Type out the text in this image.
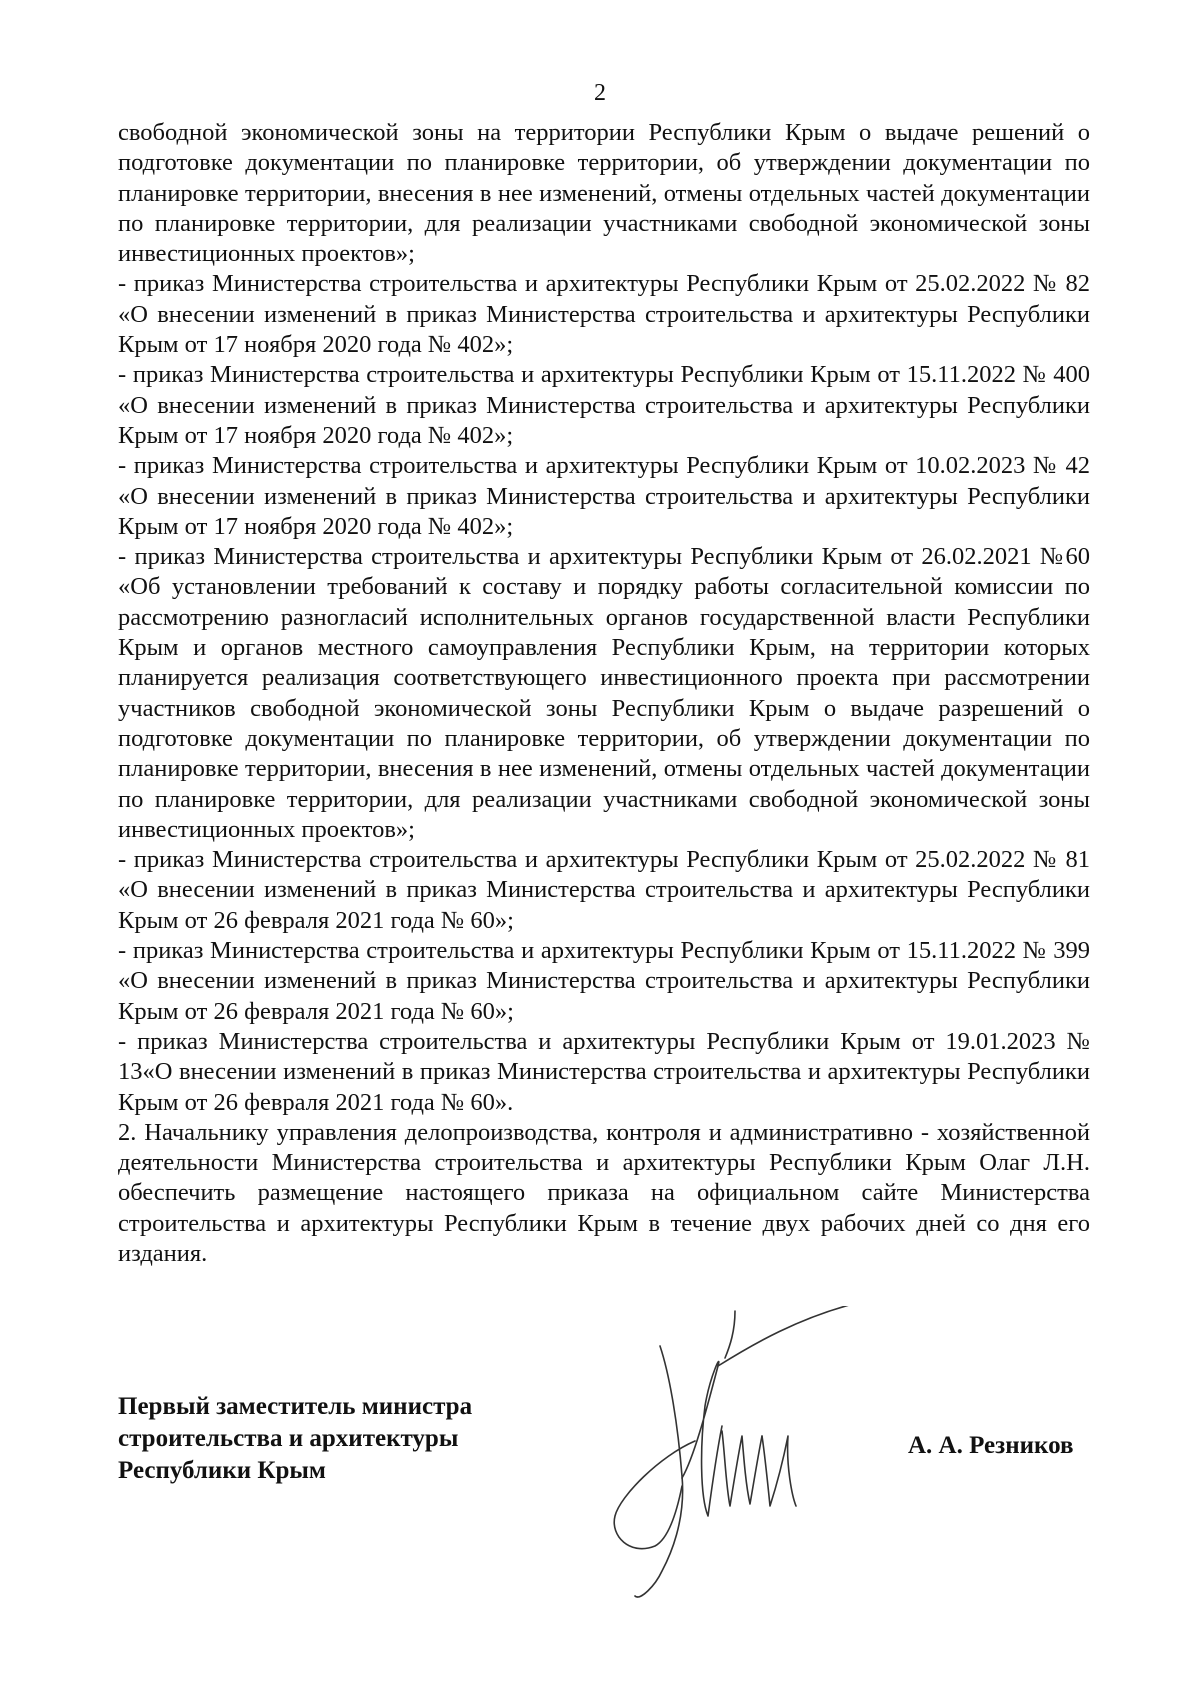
2

свободной экономической зоны на территории Республики Крым о выдаче решений о подготовке документации по планировке территории, об утверждении документации по планировке территории, внесения в нее изменений, отмены отдельных частей документации по планировке территории, для реализации участниками свободной экономической зоны инвестиционных проектов»;

- приказ Министерства строительства и архитектуры Республики Крым от 25.02.2022 № 82 «О внесении изменений в приказ Министерства строительства и архитектуры Республики Крым от 17 ноября 2020 года № 402»;

- приказ Министерства строительства и архитектуры Республики Крым от 15.11.2022 № 400 «О внесении изменений в приказ Министерства строительства и архитектуры Республики Крым от 17 ноября 2020 года № 402»;

- приказ Министерства строительства и архитектуры Республики Крым от 10.02.2023 № 42 «О внесении изменений в приказ Министерства строительства и архитектуры Республики Крым от 17 ноября 2020 года № 402»;

- приказ Министерства строительства и архитектуры Республики Крым от 26.02.2021 №60 «Об установлении требований к составу и порядку работы согласительной комиссии по рассмотрению разногласий исполнительных органов государственной власти Республики Крым и органов местного самоуправления Республики Крым, на территории которых планируется реализация соответствующего инвестиционного проекта при рассмотрении участников свободной экономической зоны Республики Крым о выдаче разрешений о подготовке документации по планировке территории, об утверждении документации по планировке территории, внесения в нее изменений, отмены отдельных частей документации по планировке территории, для реализации участниками свободной экономической зоны инвестиционных проектов»;

- приказ Министерства строительства и архитектуры Республики Крым от 25.02.2022 № 81 «О внесении изменений в приказ Министерства строительства и архитектуры Республики Крым от 26 февраля 2021 года № 60»;

- приказ Министерства строительства и архитектуры Республики Крым от 15.11.2022 № 399 «О внесении изменений в приказ Министерства строительства и архитектуры Республики Крым от 26 февраля 2021 года № 60»;

- приказ Министерства строительства и архитектуры Республики Крым от 19.01.2023 № 13«О внесении изменений в приказ Министерства строительства и архитектуры Республики Крым от 26 февраля 2021 года № 60».

2. Начальнику управления делопроизводства, контроля и административно - хозяйственной деятельности Министерства строительства и архитектуры Республики Крым Олаг Л.Н. обеспечить размещение настоящего приказа на официальном сайте Министерства строительства и архитектуры Республики Крым в течение двух рабочих дней со дня его издания.

Первый заместитель министра
строительства и архитектуры
Республики Крым
А. А. Резников
